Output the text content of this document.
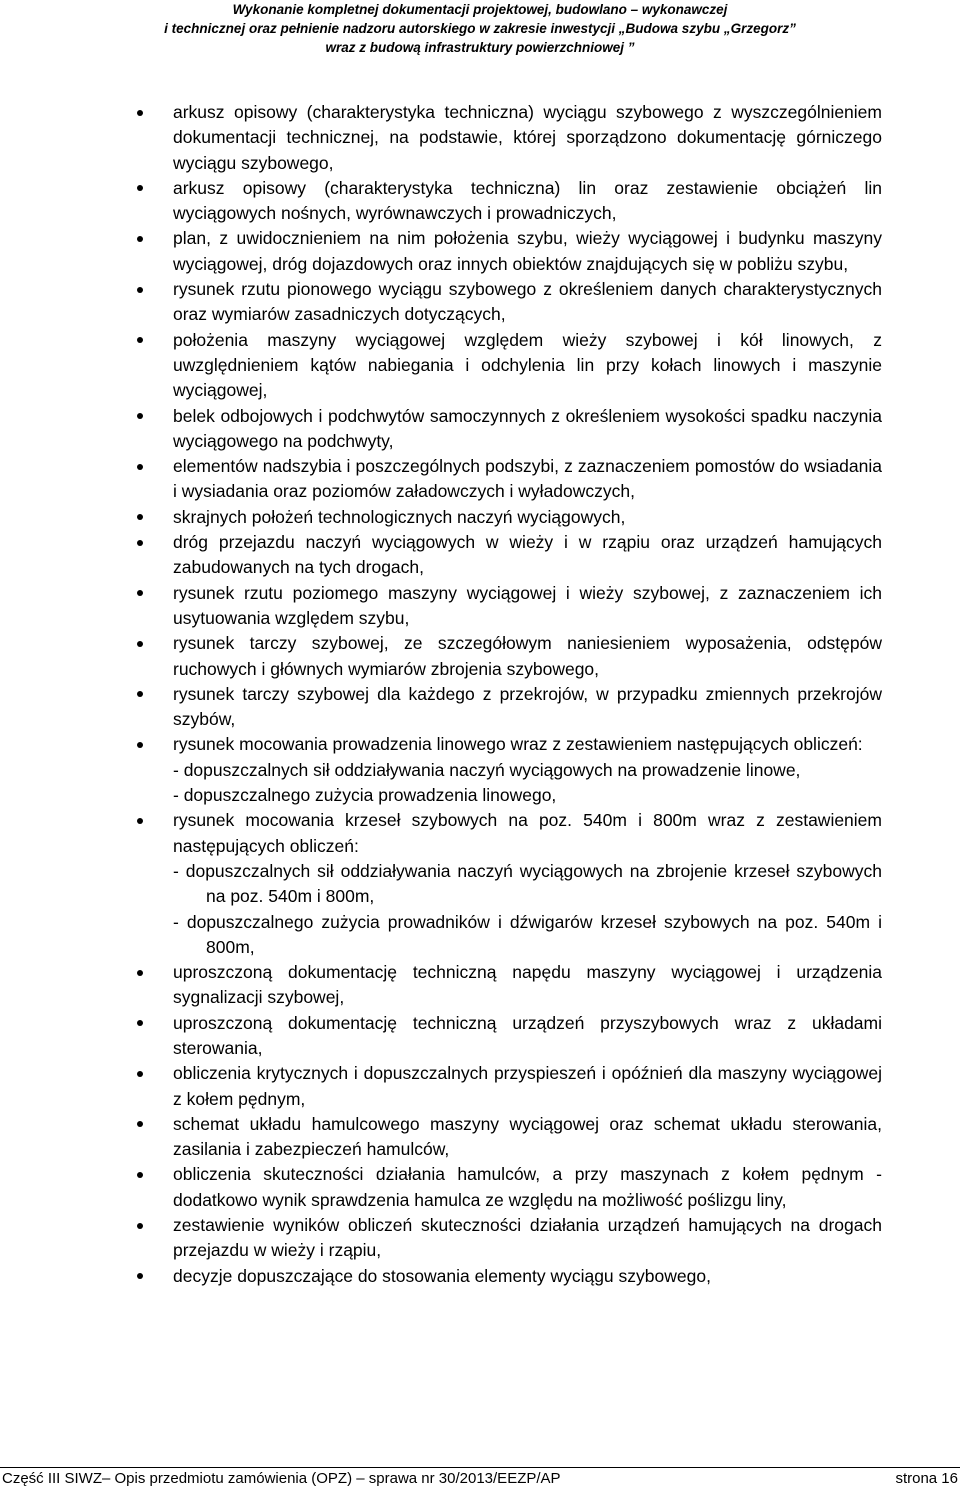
Wykonanie kompletnej dokumentacji projektowej, budowlano – wykonawczej
i technicznej oraz pełnienie nadzoru autorskiego w zakresie inwestycji „Budowa szybu „Grzegorz”
wraz z budową infrastruktury powierzchniowej ”
arkusz opisowy (charakterystyka techniczna) wyciągu szybowego z wyszczególnieniem dokumentacji technicznej, na podstawie, której sporządzono dokumentację górniczego wyciągu szybowego,
arkusz opisowy (charakterystyka techniczna) lin oraz zestawienie obciążeń lin wyciągowych nośnych, wyrównawczych i prowadniczych,
plan, z uwidocznieniem na nim położenia szybu, wieży wyciągowej i budynku maszyny wyciągowej, dróg dojazdowych oraz innych obiektów znajdujących się w pobliżu szybu,
rysunek rzutu pionowego wyciągu szybowego z określeniem danych charakterystycznych oraz wymiarów zasadniczych dotyczących,
położenia maszyny wyciągowej względem wieży szybowej i kół linowych, z uwzględnieniem kątów nabiegania i odchylenia lin przy kołach linowych i maszynie wyciągowej,
belek odbojowych i podchwytów samoczynnych z określeniem wysokości spadku naczynia wyciągowego na podchwyty,
elementów nadszybia i poszczególnych podszybi, z zaznaczeniem pomostów do wsiadania i wysiadania oraz poziomów załadowczych i wyładowczych,
skrajnych położeń technologicznych naczyń wyciągowych,
dróg przejazdu naczyń wyciągowych w wieży i w rząpiu oraz urządzeń hamujących zabudowanych na tych drogach,
rysunek rzutu poziomego maszyny wyciągowej i wieży szybowej, z zaznaczeniem ich usytuowania względem szybu,
rysunek tarczy szybowej, ze szczegółowym naniesieniem wyposażenia, odstępów ruchowych i głównych wymiarów zbrojenia szybowego,
rysunek tarczy szybowej dla każdego z przekrojów, w przypadku zmiennych przekrojów szybów,
rysunek mocowania prowadzenia linowego wraz z zestawieniem następujących obliczeń:
- dopuszczalnych sił oddziaływania naczyń wyciągowych na prowadzenie linowe,
- dopuszczalnego zużycia prowadzenia linowego,
rysunek mocowania krzeseł szybowych na poz. 540m i 800m wraz z zestawieniem następujących obliczeń:
- dopuszczalnych sił oddziaływania naczyń wyciągowych na zbrojenie krzeseł szybowych na poz. 540m i 800m,
- dopuszczalnego zużycia prowadników i dźwigarów krzeseł szybowych na poz. 540m i 800m,
uproszczoną dokumentację techniczną napędu maszyny wyciągowej i urządzenia sygnalizacji szybowej,
uproszczoną dokumentację techniczną urządzeń przyszybowych wraz z układami sterowania,
obliczenia krytycznych i dopuszczalnych przyspieszeń i opóźnień dla maszyny wyciągowej z kołem pędnym,
schemat układu hamulcowego maszyny wyciągowej oraz schemat układu sterowania, zasilania i zabezpieczeń hamulców,
obliczenia skuteczności działania hamulców, a przy maszynach z kołem pędnym - dodatkowo wynik sprawdzenia hamulca ze względu na możliwość poślizgu liny,
zestawienie wyników obliczeń skuteczności działania urządzeń hamujących na drogach przejazdu w wieży i rząpiu,
decyzje dopuszczające do stosowania elementy wyciągu szybowego,
Część III SIWZ– Opis przedmiotu zamówienia (OPZ) – sprawa nr 30/2013/EEZP/AP	strona 16
